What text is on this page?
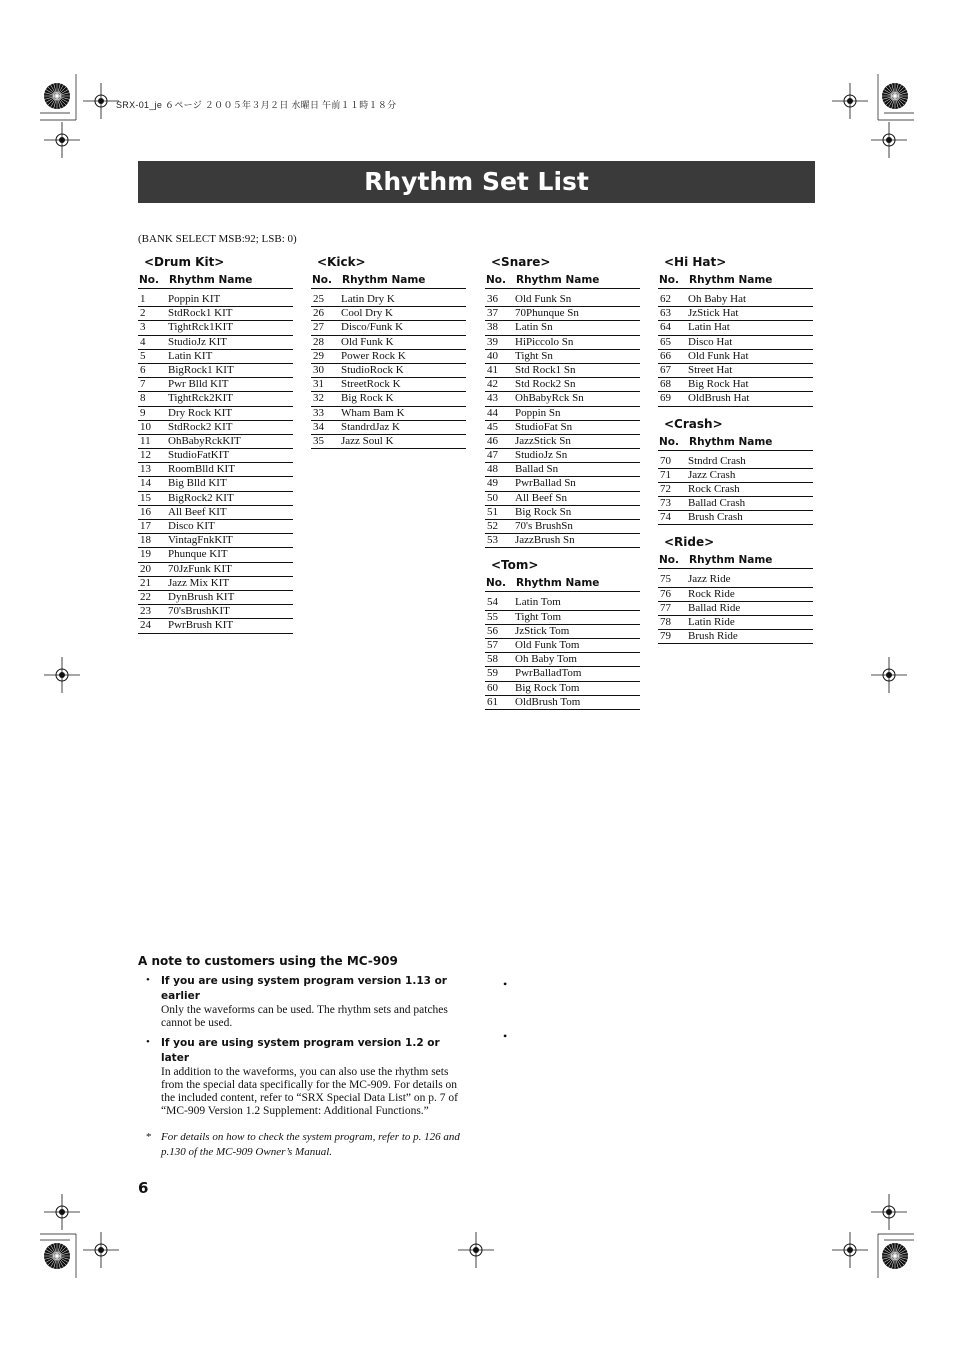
SRX-01_je ６ページ ２００５年３月２日 水曜日 午前１１時１８分
Rhythm Set List
(BANK SELECT MSB:92; LSB: 0)
<Drum Kit>
No. Rhythm Name
1	Poppin KIT
2	StdRock1 KIT
3	TightRck1KIT
4	StudioJz KIT
5	Latin KIT
6	BigRock1 KIT
7	Pwr Blld KIT
8	TightRck2KIT
9	Dry Rock KIT
10	StdRock2 KIT
11	OhBabyRckKIT
12	StudioFatKIT
13	RoomBlld KIT
14	Big Blld KIT
15	BigRock2 KIT
16	All Beef KIT
17	Disco KIT
18	VintagFnkKIT
19	Phunque KIT
20	70JzFunk KIT
21	Jazz Mix KIT
22	DynBrush KIT
23	70'sBrushKIT
24	PwrBrush KIT
<Kick>
No. Rhythm Name
25	Latin Dry K
26	Cool Dry K
27	Disco/Funk K
28	Old Funk K
29	Power Rock K
30	StudioRock K
31	StreetRock K
32	Big Rock K
33	Wham Bam K
34	StandrdJaz K
35	Jazz Soul K
<Snare>
No. Rhythm Name
36	Old Funk Sn
37	70Phunque Sn
38	Latin Sn
39	HiPiccolo Sn
40	Tight Sn
41	Std Rock1 Sn
42	Std Rock2 Sn
43	OhBabyRck Sn
44	Poppin Sn
45	StudioFat Sn
46	JazzStick Sn
47	StudioJz Sn
48	Ballad Sn
49	PwrBallad Sn
50	All Beef Sn
51	Big Rock Sn
52	70's BrushSn
53	JazzBrush Sn
<Tom>
No. Rhythm Name
54	Latin Tom
55	Tight Tom
56	JzStick Tom
57	Old Funk Tom
58	Oh Baby Tom
59	PwrBalladTom
60	Big Rock Tom
61	OldBrush Tom
<Hi Hat>
No. Rhythm Name
62	Oh Baby Hat
63	JzStick Hat
64	Latin Hat
65	Disco Hat
66	Old Funk Hat
67	Street Hat
68	Big Rock Hat
69	OldBrush Hat
<Crash>
No. Rhythm Name
70	Stndrd Crash
71	Jazz Crash
72	Rock Crash
73	Ballad Crash
74	Brush Crash
<Ride>
No. Rhythm Name
75	Jazz Ride
76	Rock Ride
77	Ballad Ride
78	Latin Ride
79	Brush Ride
A note to customers using the MC-909
• If you are using system program version 1.13 or earlier
Only the waveforms can be used. The rhythm sets and patches cannot be used.
• If you are using system program version 1.2 or later
In addition to the waveforms, you can also use the rhythm sets from the special data specifically for the MC-909. For details on the included content, refer to “SRX Special Data List” on p. 7 of “MC-909 Version 1.2 Supplement: Additional Functions.”
* For details on how to check the system program, refer to p. 126 and p.130 of the MC-909 Owner’s Manual.
•
•
6
